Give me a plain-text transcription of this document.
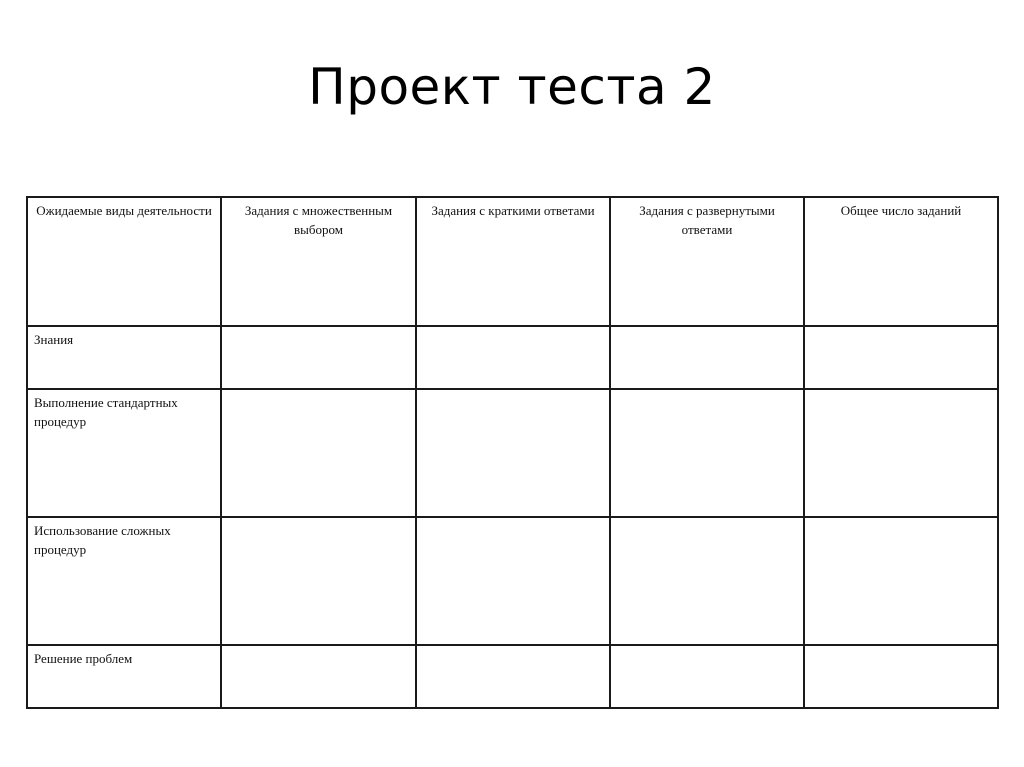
Проект теста 2
Ожидаемые виды деятельности	Задания с множественным выбором	Задания с краткими ответами	Задания с развернутыми ответами	Общее число заданий
Знания				
Выполнение стандартных процедур				
Использование сложных процедур				
Решение проблем				
